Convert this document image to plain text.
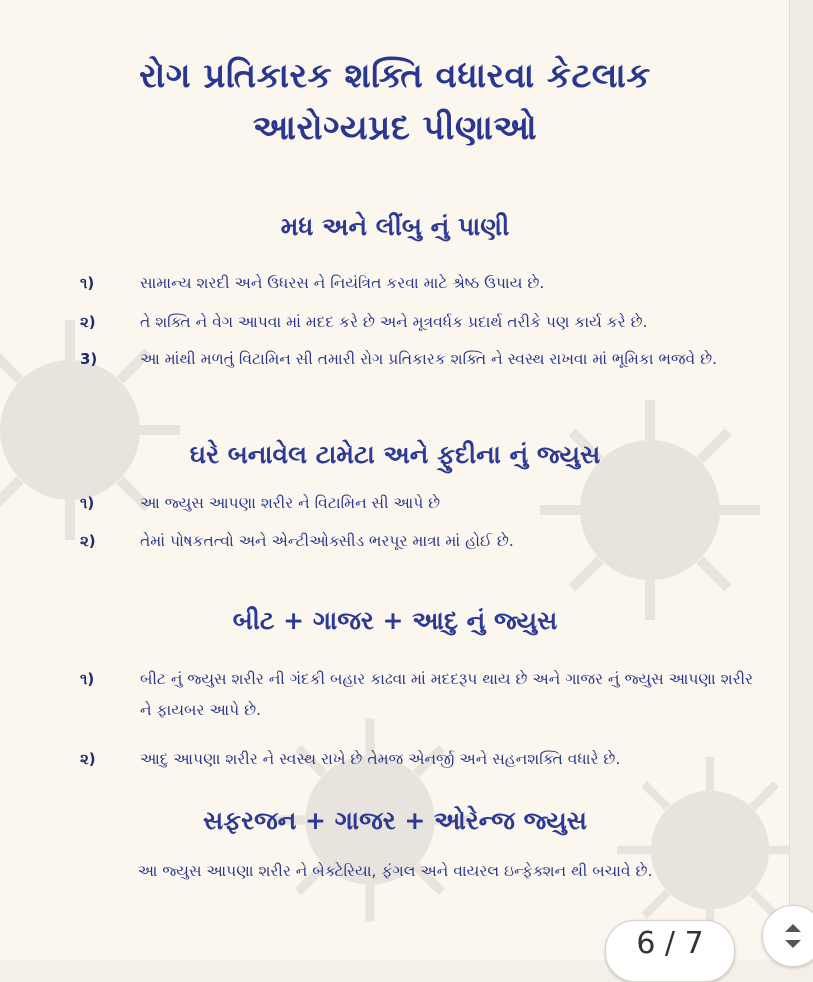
રોગ પ્રતિકારક શક્તિ વધારવા કેટલાક
આરોગ્યપ્રદ પીણાઓ
મધ અને લીંબુ નું પાણી
૧)	સામાન્ય શરદી અને ઉધરસ ને નિયંત્રિત કરવા માટે શ્રેષ્ઠ ઉપાય છે.
૨)	તે શક્તિ ને વેગ આપવા માં મદદ કરે છે અને મૂત્રવર્ધક પ્રદાર્થ તરીકે પણ કાર્ય કરે છે.
3)	આ માંથી મળતું વિટામિન સી તમારી રોગ પ્રતિકારક શક્તિ ને સ્વસ્થ રાખવા માં ભૂમિકા ભજવે છે.
ઘરે બનાવેલ ટામેટા અને ફુદીના નું જ્યુસ
૧)	આ જ્યુસ આપણા શરીર ને વિટામિન સી આપે છે
૨)	તેમાં પોષકતત્વો અને એન્ટીઓક્સીડ ભરપૂર માત્રા માં હોઈ છે.
બીટ + ગાજર + આદુ નું જ્યુસ
૧)	બીટ નું જ્યુસ શરીર ની ગંદકી બહાર કાઢવા માં મદદરૂપ થાય છે અને ગાજર નું જ્યુસ આપણા શરીર ને ફાયબર આપે છે.
૨)	આદુ આપણા શરીર ને સ્વસ્થ રાખે છે તેમજ એનર્જી અને સહનશક્તિ વધારે છે.
સફરજન + ગાજર + ઓરેન્જ જ્યુસ
આ જ્યુસ આપણા શરીર ને બેક્ટેરિયા, ફંગલ અને વાયરલ ઇન્ફેક્શન થી બચાવે છે.
6 / 7
